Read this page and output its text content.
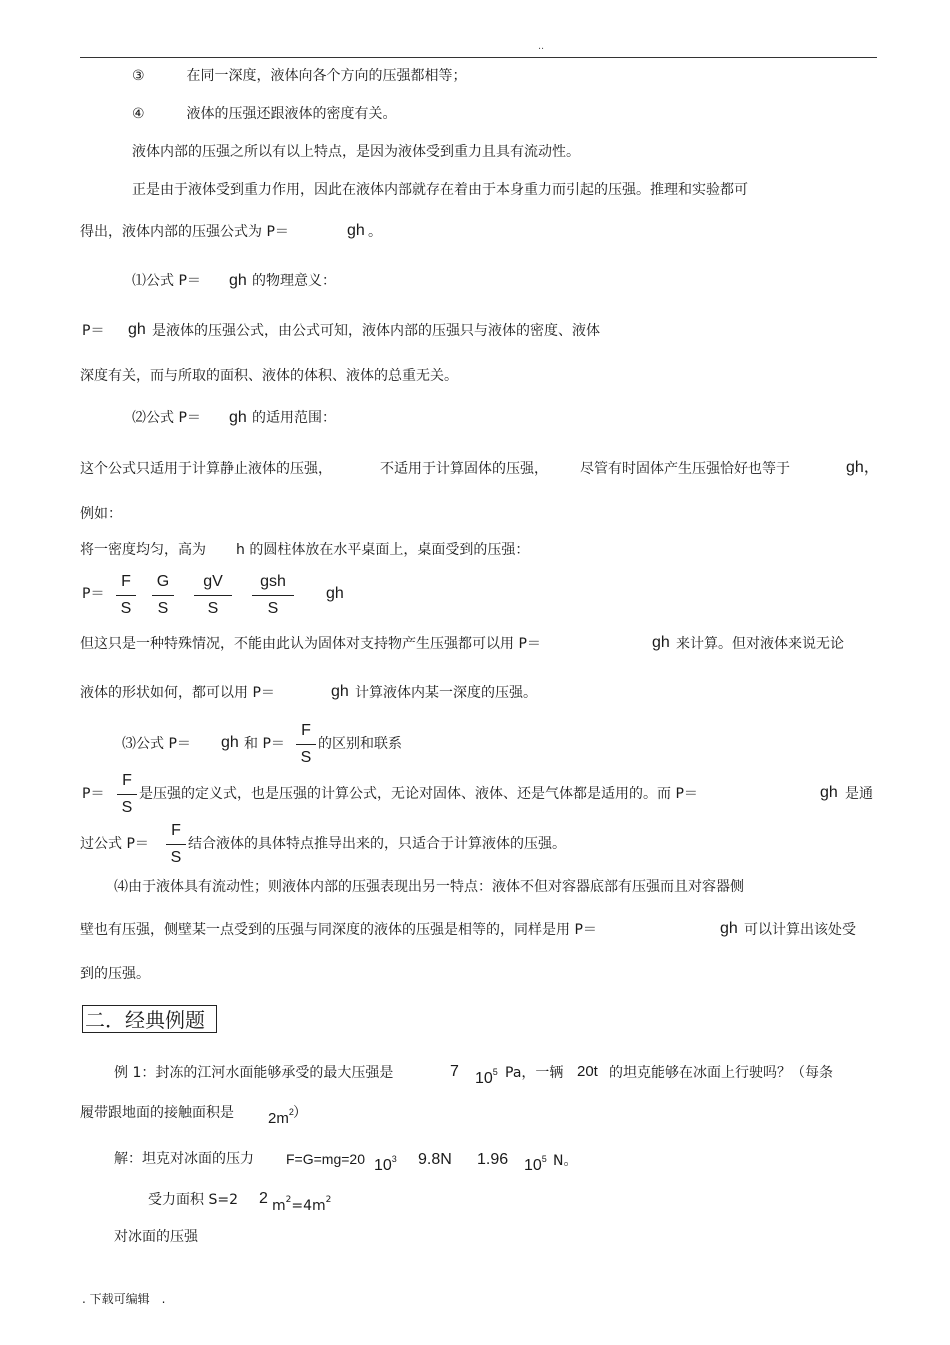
..
③　　　在同一深度，液体向各个方向的压强都相等；
④　　　液体的压强还跟液体的密度有关。
液体内部的压强之所以有以上特点，是因为液体受到重力且具有流动性。
正是由于液体受到重力作用，因此在液体内部就存在着由于本身重力而引起的压强。推理和实验都可
得出，液体内部的压强公式为 P＝	gh 。
⑴公式 P＝ gh 的物理意义：
P＝ gh 是液体的压强公式，由公式可知，液体内部的压强只与液体的密度、液体
深度有关，而与所取的面积、液体的体积、液体的总重无关。
⑵公式 P＝ gh 的适用范围：
这个公式只适用于计算静止液体的压强，	不适用于计算固体的压强， 尽管有时固体产生压强恰好也等于	gh，
例如：
将一密度均匀，高为 h 的圆柱体放在水平桌面上，桌面受到的压强：
P＝
F
S
G
S
gV
S
gsh
S
gh
但这只是一种特殊情况，不能由此认为固体对支持物产生压强都可以用 P＝	gh 来计算。但对液体来说无论
液体的形状如何，都可以用 P＝	gh 计算液体内某一深度的压强。
⑶公式 P＝ gh 和 P＝
F
S
的区别和联系
P＝
F
S
是压强的定义式，也是压强的计算公式，无论对固体、液体、还是气体都是适用的。而 P＝	gh 是通
过公式 P＝
F
S
结合液体的具体特点推导出来的，只适合于计算液体的压强。
⑷由于液体具有流动性；则液体内部的压强表现出另一特点：液体不但对容器底部有压强而且对容器侧
壁也有压强，侧壁某一点受到的压强与同深度的液体的压强是相等的，同样是用 P＝	gh 可以计算出该处受
到的压强。
二．经典例题
例 1：封冻的江河水面能够承受的最大压强是	7 $10^5$ Pa，一辆 20t 的坦克能够在冰面上行驶吗？（每条
履带跟地面的接触面积是 $2m^2$ ）
解：坦克对冰面的压力 F=G=mg=20 $10^3$ 9.8N 1.96 $10^5$ N。
受力面积 S=2 2 $m^2=4m^2$
对冰面的压强
. 下载可编辑　.
